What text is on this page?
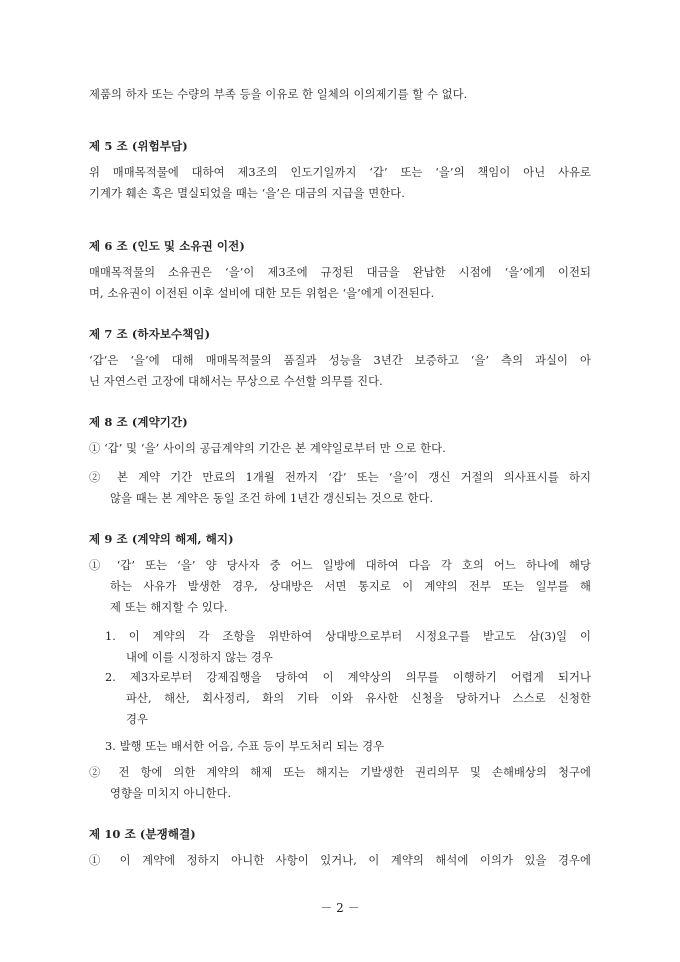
제품의 하자 또는 수량의 부족 등을 이유로 한 일체의 이의제기를 할 수 없다.
제 5 조 (위험부담)
위 매매목적물에 대하여 제3조의 인도기일까지 ‘갑’ 또는 ‘을’의 책임이 아닌 사유로
기계가 훼손 혹은 멸실되었을 때는 ‘을’은 대금의 지급을 면한다.
제 6 조 (인도 및 소유권 이전)
매매목적물의 소유권은 ‘을’이 제3조에 규정된 대금을 완납한 시점에 ‘을’에게 이전되
며, 소유권이 이전된 이후 설비에 대한 모든 위험은 ‘을’에게 이전된다.
제 7 조 (하자보수책임)
‘갑’은 ‘을’에 대해 매매목적물의 품질과 성능을 3년간 보증하고 ‘을’ 측의 과실이 아
닌 자연스런 고장에 대해서는 무상으로 수선할 의무를 진다.
제 8 조 (계약기간)
① ‘갑’ 및 ‘을’ 사이의 공급계약의 기간은 본 계약일로부터 만 으로 한다.
② 본 계약 기간 만료의 1개월 전까지 ‘갑’ 또는 ‘을’이 갱신 거절의 의사표시를 하지
않을 때는 본 계약은 동일 조건 하에 1년간 갱신되는 것으로 한다.
제 9 조 (계약의 해제, 해지)
① ‘갑’ 또는 ‘을’ 양 당사자 중 어느 일방에 대하여 다음 각 호의 어느 하나에 해당
하는 사유가 발생한 경우, 상대방은 서면 통지로 이 계약의 전부 또는 일부를 해
제 또는 해지할 수 있다.
1. 이 계약의 각 조항을 위반하여 상대방으로부터 시정요구를 받고도 삼(3)일 이
내에 이를 시정하지 않는 경우
2. 제3자로부터 강제집행을 당하여 이 계약상의 의무를 이행하기 어렵게 되거나
파산, 해산, 회사정리, 화의 기타 이와 유사한 신청을 당하거나 스스로 신청한
경우
3. 발행 또는 배서한 어음, 수표 등이 부도처리 되는 경우
② 전 항에 의한 계약의 해제 또는 해지는 기발생한 권리의무 및 손해배상의 청구에
영향을 미치지 아니한다.
제 10 조 (분쟁해결)
① 이 계약에 정하지 아니한 사항이 있거나, 이 계약의 해석에 이의가 있을 경우에
－ 2 －
